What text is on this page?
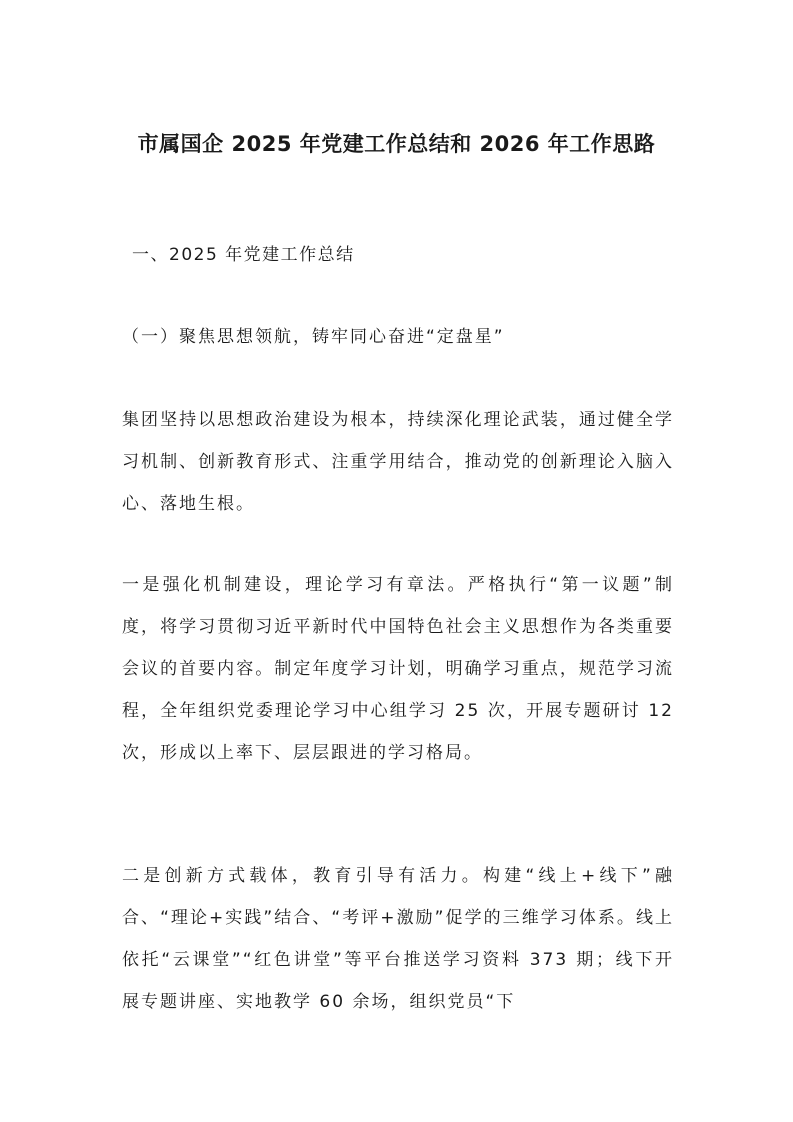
市属国企 2025 年党建工作总结和 2026 年工作思路

一、2025 年党建工作总结

（一）聚焦思想领航，铸牢同心奋进“定盘星”

集团坚持以思想政治建设为根本，持续深化理论武装，通过健全学习机制、创新教育形式、注重学用结合，推动党的创新理论入脑入心、落地生根。

一是强化机制建设，理论学习有章法。严格执行“第一议题”制度，将学习贯彻习近平新时代中国特色社会主义思想作为各类重要会议的首要内容。制定年度学习计划，明确学习重点，规范学习流程，全年组织党委理论学习中心组学习 25 次，开展专题研讨 12 次，形成以上率下、层层跟进的学习格局。

二是创新方式载体，教育引导有活力。构建“线上+线下”融合、“理论+实践”结合、“考评+激励”促学的三维学习体系。线上依托“云课堂”“红色讲堂”等平台推送学习资料 373 期；线下开展专题讲座、实地教学 60 余场，组织党员“下
